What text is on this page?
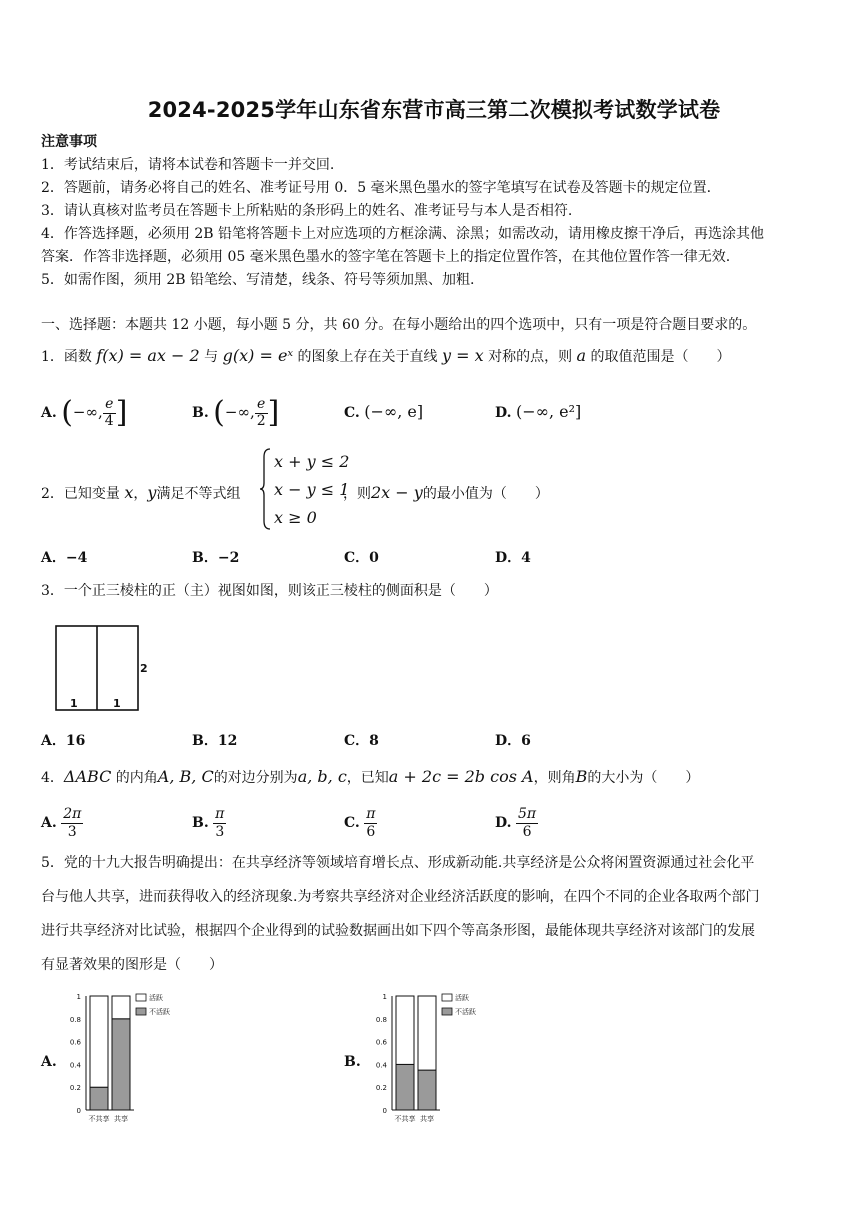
2024-2025学年山东省东营市高三第二次模拟考试数学试卷
注意事项
1．考试结束后，请将本试卷和答题卡一并交回.
2．答题前，请务必将自己的姓名、准考证号用 0．5 毫米黑色墨水的签字笔填写在试卷及答题卡的规定位置.
3．请认真核对监考员在答题卡上所粘贴的条形码上的姓名、准考证号与本人是否相符.
4．作答选择题，必须用 2B 铅笔将答题卡上对应选项的方框涂满、涂黑；如需改动，请用橡皮擦干净后，再选涂其他
答案．作答非选择题，必须用 05 毫米黑色墨水的签字笔在答题卡上的指定位置作答，在其他位置作答一律无效.
5．如需作图，须用 2B 铅笔绘、写清楚，线条、符号等须加黑、加粗.
一、选择题：本题共 12 小题，每小题 5 分，共 60 分。在每小题给出的四个选项中，只有一项是符合题目要求的。
1．函数 f(x) = ax − 2 与 g(x) = eˣ 的图象上存在关于直线 y = x 对称的点，则 a 的取值范围是（　　）
A. (−∞, $\frac{e}{4}$ ]	B. (−∞, $\frac{e}{2}$ ]	C. (−∞, e]	D. (−∞, e²]
2．已知变量 x，y满足不等式组
x + y ≤ 2
x − y ≤ 1
x ≥ 0
，则2x − y的最小值为（　　）
A．−4	B．−2	C．0	D．4
3．一个正三棱柱的正（主）视图如图，则该正三棱柱的侧面积是（　　）
2
1	1
A．16	B．12	C．8	D．6
4．ΔABC 的内角A, B, C的对边分别为a, b, c，已知a + 2c = 2b cos A，则角B的大小为（　　）
A. $\frac{2\pi}{3}$	B. $\frac{\pi}{3}$	C. $\frac{\pi}{6}$	D. $\frac{5\pi}{6}$
5．党的十九大报告明确提出：在共享经济等领域培育增长点、形成新动能.共享经济是公众将闲置资源通过社会化平
台与他人共享，进而获得收入的经济现象.为考察共享经济对企业经济活跃度的影响，在四个不同的企业各取两个部门
进行共享经济对比试验，根据四个企业得到的试验数据画出如下四个等高条形图，最能体现共享经济对该部门的发展
有显著效果的图形是（　　）
A.	B.
0
0.2
0.4
0.6
0.8
1
不共享 共享
活跃
不活跃
0
0.2
0.4
0.6
0.8
1
不共享 共享
活跃
不活跃
